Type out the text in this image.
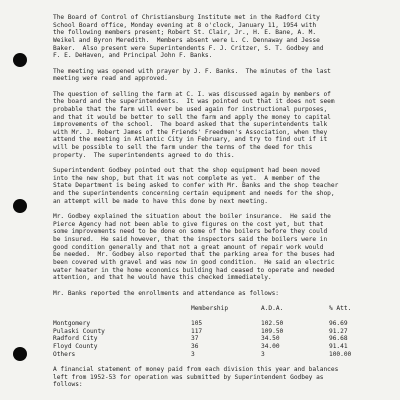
The Board of Control of Christiansburg Institute met in the Radford City
School Board office, Monday evening at 8 o'clock, January 11, 1954 with
the following members present; Robert St. Clair, Jr., H. E. Bane, A. M.
Weikel and Byron Meredith.  Members absent were L. C. Dennaway and Jesse
Baker.  Also present were Superintendents F. J. Critzer, S. T. Godbey and
F. E. DeHaven, and Principal John F. Banks.
The meeting was opened with prayer by J. F. Banks.  The minutes of the last
meeting were read and approved.
The question of selling the farm at C. I. was discussed again by members of
the board and the superintendents.  It was pointed out that it does not seem
probable that the farm will ever be used again for instructional purposes,
and that it would be better to sell the farm and apply the money to capital
improvements of the school.  The board asked that the superintendents talk
with Mr. J. Robert James of the Friends' Freedmen's Association, when they
attend the meeting in Atlantic City in February, and try to find out if it
will be possible to sell the farm under the terms of the deed for this
property.  The superintendents agreed to do this.
Superintendent Godbey pointed out that the shop equipment had been moved
into the new shop, but that it was not complete as yet.  A member of the
State Department is being asked to confer with Mr. Banks and the shop teacher
and the superintendents concerning certain equipment and needs for the shop,
an attempt will be made to have this done by next meeting.
Mr. Godbey explained the situation about the boiler insurance.  He said the
Pierce Agency had not been able to give figures on the cost yet, but that
some improvements need to be done on some of the boilers before they could
be insured.  He said however, that the inspectors said the boilers were in
good condition generally and that not a great amount of repair work would
be needed.  Mr. Godbey also reported that the parking area for the buses had
been covered with gravel and was now in good condition.  He said an electric
water heater in the home economics building had ceased to operate and needed
attention, and that he would have this checked immediately.
Mr. Banks reported the enrollments and attendance as follows:
	Membership	A.D.A.	% Att.

Montgomery	105	102.50	96.69
Pulaski County	117	109.50	91.27
Radford City	37	34.50	96.68
Floyd County	36	34.00	91.41
Others	3	3	100.00
A financial statement of money paid from each division this year and balances
left from 1952-53 for operation was submitted by Superintendent Godbey as
follows:
